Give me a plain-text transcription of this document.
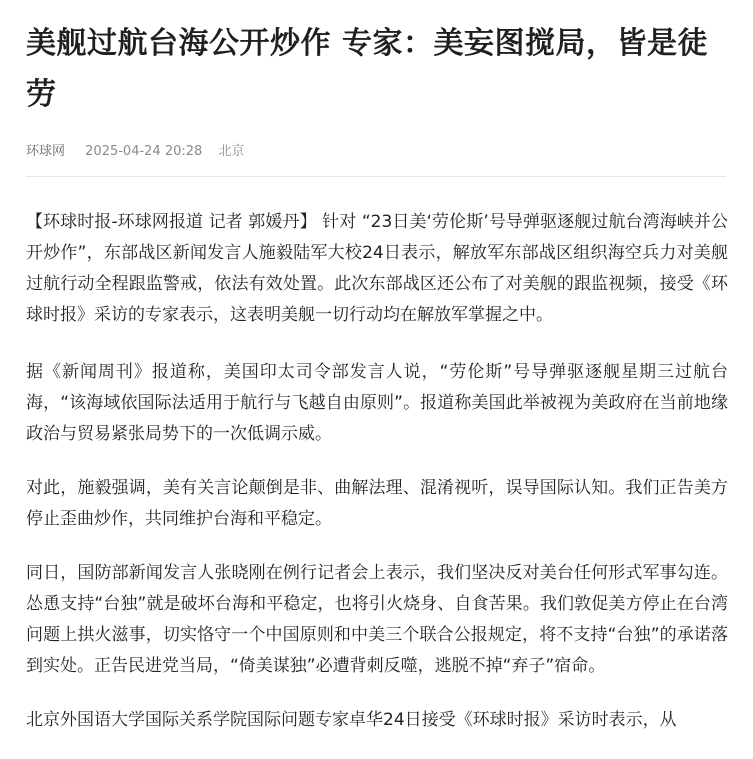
美舰过航台海公开炒作 专家：美妄图搅局，皆是徒劳
环球网 2025-04-24 20:28 北京

【环球时报-环球网报道 记者 郭媛丹】 针对 “23日美‘劳伦斯’号导弹驱逐舰过航台湾海峡并公开炒作”，东部战区新闻发言人施毅陆军大校24日表示，解放军东部战区组织海空兵力对美舰过航行动全程跟监警戒，依法有效处置。此次东部战区还公布了对美舰的跟监视频，接受《环球时报》采访的专家表示，这表明美舰一切行动均在解放军掌握之中。

据《新闻周刊》报道称，美国印太司令部发言人说，“劳伦斯”号导弹驱逐舰星期三过航台海，“该海域依国际法适用于航行与飞越自由原则”。报道称美国此举被视为美政府在当前地缘政治与贸易紧张局势下的一次低调示威。

对此，施毅强调，美有关言论颠倒是非、曲解法理、混淆视听，误导国际认知。我们正告美方停止歪曲炒作，共同维护台海和平稳定。

同日，国防部新闻发言人张晓刚在例行记者会上表示，我们坚决反对美台任何形式军事勾连。怂恿支持“台独”就是破坏台海和平稳定，也将引火烧身、自食苦果。我们敦促美方停止在台湾问题上拱火滋事，切实恪守一个中国原则和中美三个联合公报规定，将不支持“台独”的承诺落到实处。正告民进党当局，“倚美谋独”必遭背刺反噬，逃脱不掉“弃子”宿命。

北京外国语大学国际关系学院国际问题专家卓华24日接受《环球时报》采访时表示，从
